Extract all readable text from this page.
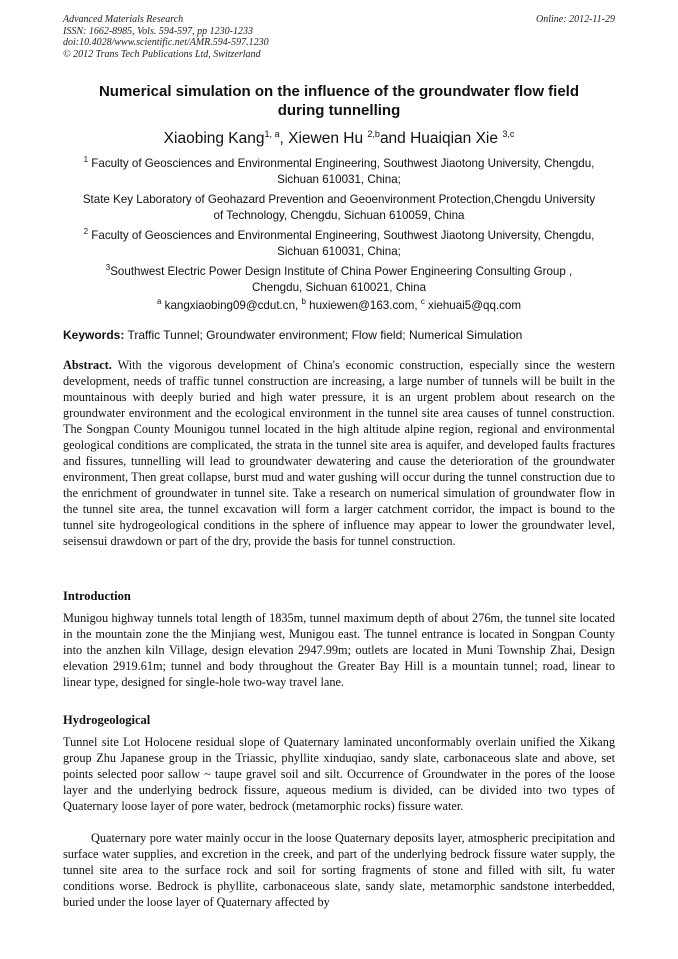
Advanced Materials Research
ISSN: 1662-8985, Vols. 594-597, pp 1230-1233
doi:10.4028/www.scientific.net/AMR.594-597.1230
© 2012 Trans Tech Publications Ltd, Switzerland
Online: 2012-11-29
Numerical simulation on the influence of the groundwater flow field
during tunnelling
Xiaobing Kang$^{1, a}$, Xiewen Hu $^{2,b}$and Huaiqian Xie $^{3,c}$
$^1$ Faculty of Geosciences and Environmental Engineering, Southwest Jiaotong University, Chengdu,
Sichuan 610031, China;
State Key Laboratory of Geohazard Prevention and Geoenvironment Protection,Chengdu University
of Technology, Chengdu, Sichuan 610059, China
$^2$ Faculty of Geosciences and Environmental Engineering, Southwest Jiaotong University, Chengdu,
Sichuan 610031, China;
$^3$Southwest Electric Power Design Institute of China Power Engineering Consulting Group ,
Chengdu, Sichuan 610021, China
$^a$ kangxiaobing09@cdut.cn, $^b$ huxiewen@163.com, $^c$ xiehuai5@qq.com
Keywords: Traffic Tunnel; Groundwater environment; Flow field; Numerical Simulation
Abstract. With the vigorous development of China's economic construction, especially since the western development, needs of traffic tunnel construction are increasing, a large number of tunnels will be built in the mountainous with deeply buried and high water pressure, it is an urgent problem about research on the groundwater environment and the ecological environment in the tunnel site area causes of tunnel construction. The Songpan County Mounigou tunnel located in the high altitude alpine region, regional and environmental geological conditions are complicated, the strata in the tunnel site area is aquifer, and developed faults fractures and fissures, tunnelling will lead to groundwater dewatering and cause the deterioration of the groundwater environment, Then great collapse, burst mud and water gushing will occur during the tunnel construction due to the enrichment of groundwater in tunnel site. Take a research on numerical simulation of groundwater flow in the tunnel site area, the tunnel excavation will form a larger catchment corridor, the impact is bound to the tunnel site hydrogeological conditions in the sphere of influence may appear to lower the groundwater level, seisensui drawdown or part of the dry, provide the basis for tunnel construction.
Introduction
Munigou highway tunnels total length of 1835m, tunnel maximum depth of about 276m, the tunnel site located in the mountain zone the the Minjiang west, Munigou east. The tunnel entrance is located in Songpan County into the anzhen kiln Village, design elevation 2947.99m; outlets are located in Muni Township Zhai, Design elevation 2919.61m; tunnel and body throughout the Greater Bay Hill is a mountain tunnel; road, linear to linear type, designed for single-hole two-way travel lane.
Hydrogeological
Tunnel site Lot Holocene residual slope of Quaternary laminated unconformably overlain unified the Xikang group Zhu Japanese group in the Triassic, phyllite xinduqiao, sandy slate, carbonaceous slate and above, set points selected poor sallow ~ taupe gravel soil and silt. Occurrence of Groundwater in the pores of the loose layer and the underlying bedrock fissure, aqueous medium is divided, can be divided into two types of Quaternary loose layer of pore water, bedrock (metamorphic rocks) fissure water.
Quaternary pore water mainly occur in the loose Quaternary deposits layer, atmospheric precipitation and surface water supplies, and excretion in the creek, and part of the underlying bedrock fissure water supply, the tunnel site area to the surface rock and soil for sorting fragments of stone and filled with silt, fu water conditions worse. Bedrock is phyllite, carbonaceous slate, sandy slate, metamorphic sandstone interbedded, buried under the loose layer of Quaternary affected by
